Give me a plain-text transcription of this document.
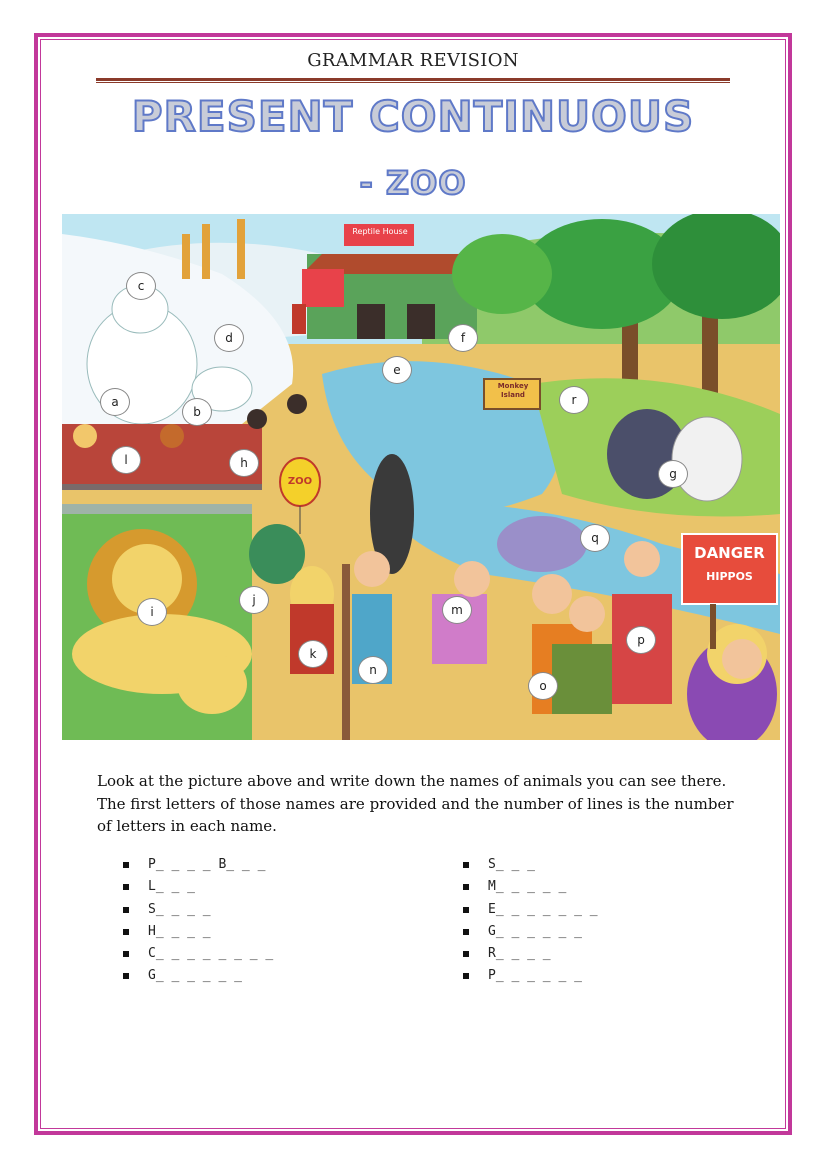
GRAMMAR REVISION
PRESENT CONTINUOUS
- ZOO
Reptile House
ZOO
Monkey Island
DANGER
HIPPOS
a
b
c
d
e
f
g
h
i
j
k
l
m
n
o
p
q
r
Look at the picture above and write down the names of animals you can see there. The first letters of those names are provided and the number of lines is the number of letters in each name.
P_ _ _ _ B_ _ _
L_ _ _
S_ _ _ _
H_ _ _ _
C_ _ _ _ _ _ _ _
G_ _ _ _ _ _
S_ _ _
M_ _ _ _ _
E_ _ _ _ _ _ _
G_ _ _ _ _ _
R_ _ _ _
P_ _ _ _ _ _
